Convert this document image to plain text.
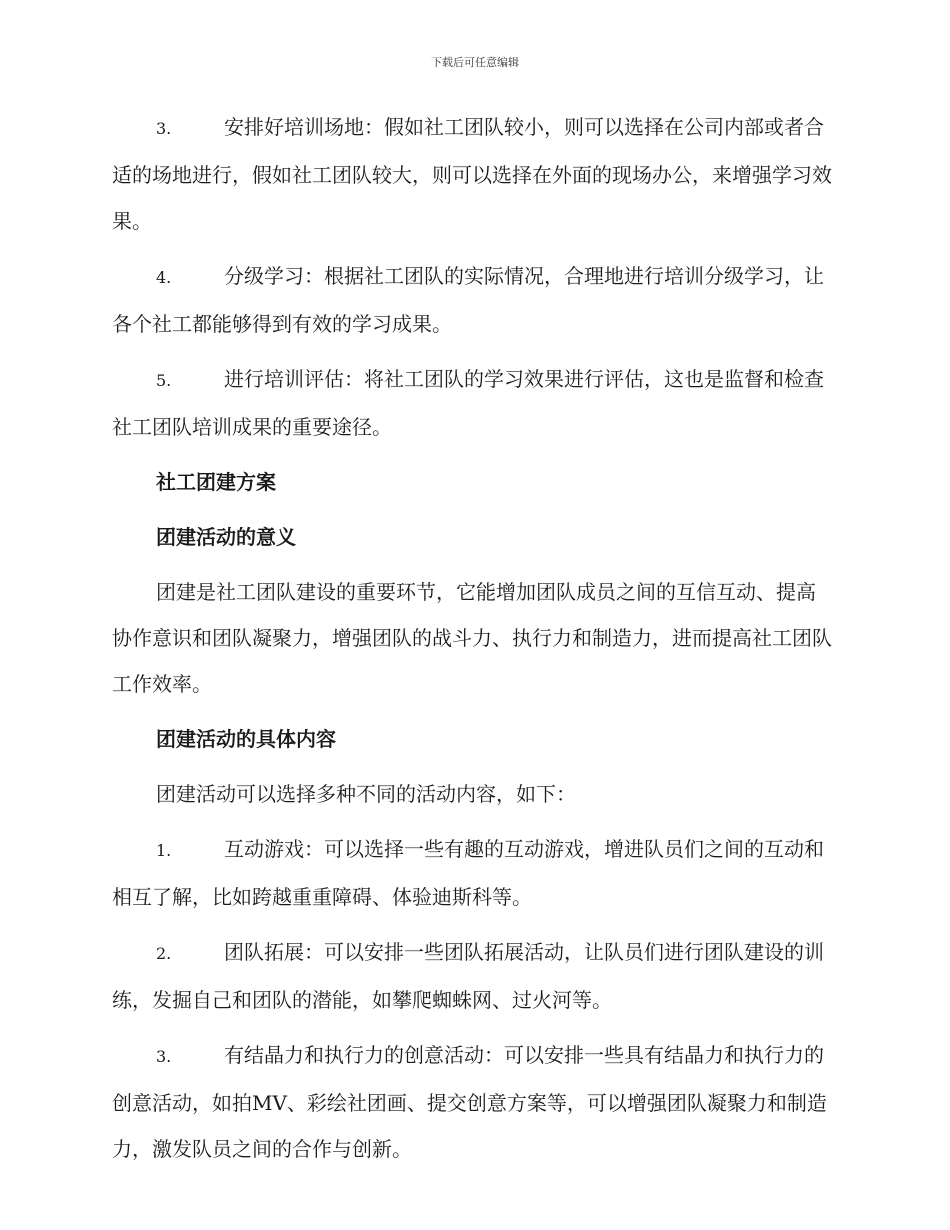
下载后可任意编辑

3.	安排好培训场地：假如社工团队较小，则可以选择在公司内部或者合适的场地进行，假如社工团队较大，则可以选择在外面的现场办公，来增强学习效果。

4.	分级学习：根据社工团队的实际情况，合理地进行培训分级学习，让各个社工都能够得到有效的学习成果。

5.	进行培训评估：将社工团队的学习效果进行评估，这也是监督和检查社工团队培训成果的重要途径。

社工团建方案

团建活动的意义

团建是社工团队建设的重要环节，它能增加团队成员之间的互信互动、提高协作意识和团队凝聚力，增强团队的战斗力、执行力和制造力，进而提高社工团队工作效率。

团建活动的具体内容

团建活动可以选择多种不同的活动内容，如下：

1.	互动游戏：可以选择一些有趣的互动游戏，增进队员们之间的互动和相互了解，比如跨越重重障碍、体验迪斯科等。

2.	团队拓展：可以安排一些团队拓展活动，让队员们进行团队建设的训练，发掘自己和团队的潜能，如攀爬蜘蛛网、过火河等。

3.	有结晶力和执行力的创意活动：可以安排一些具有结晶力和执行力的创意活动，如拍MV、彩绘社团画、提交创意方案等，可以增强团队凝聚力和制造力，激发队员之间的合作与创新。
